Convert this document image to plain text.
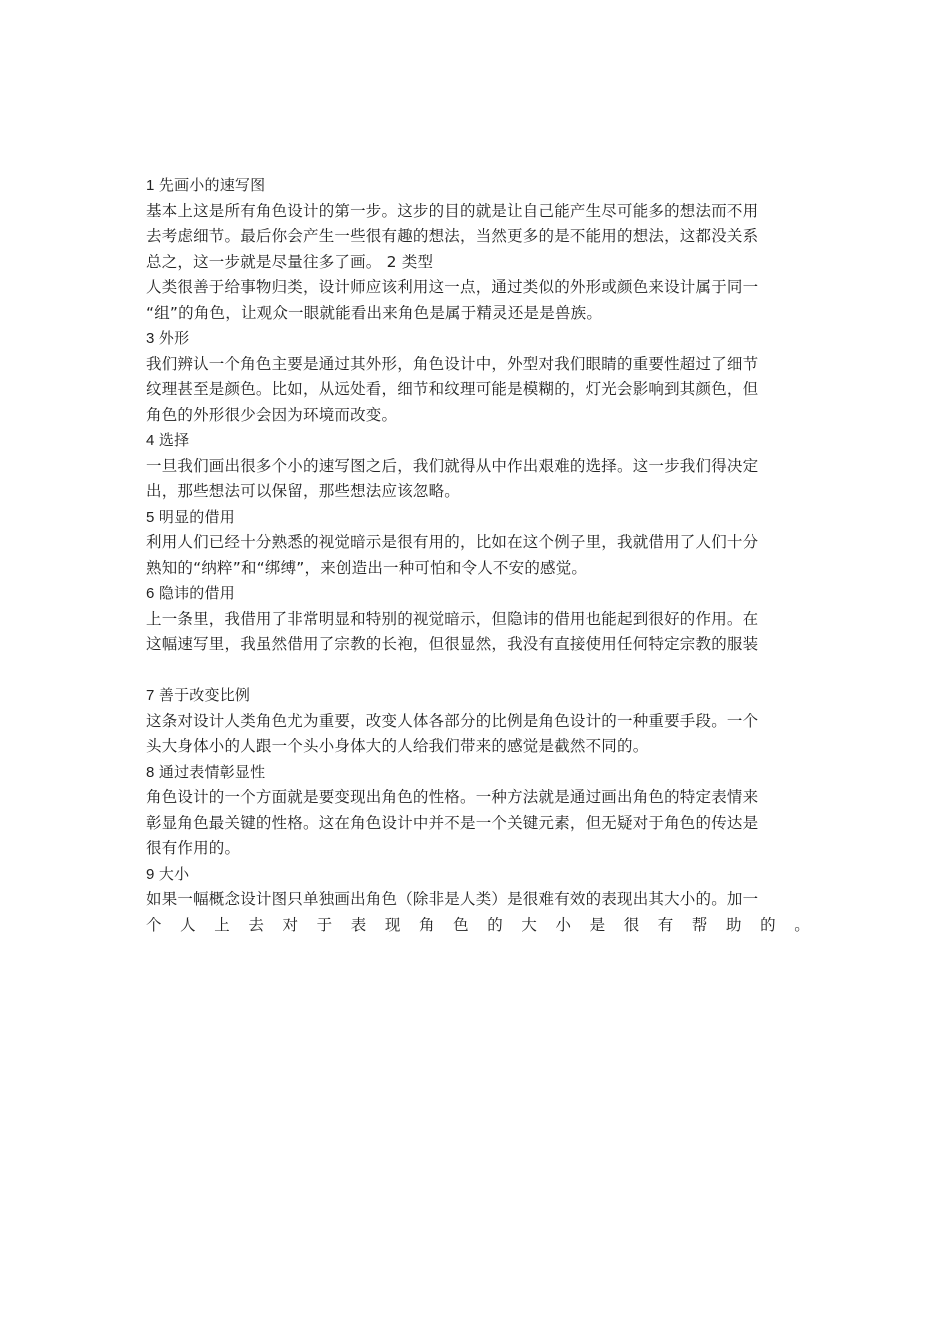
1 先画小的速写图
基本上这是所有角色设计的第一步。这步的目的就是让自己能产生尽可能多的想法而不用
去考虑细节。最后你会产生一些很有趣的想法，当然更多的是不能用的想法，这都没关系
总之，这一步就是尽量往多了画。 2 类型
人类很善于给事物归类，设计师应该利用这一点，通过类似的外形或颜色来设计属于同一
“组”的角色，让观众一眼就能看出来角色是属于精灵还是是兽族。
3 外形
我们辨认一个角色主要是通过其外形，角色设计中，外型对我们眼睛的重要性超过了细节
纹理甚至是颜色。比如，从远处看，细节和纹理可能是模糊的，灯光会影响到其颜色，但
角色的外形很少会因为环境而改变。
4 选择
一旦我们画出很多个小的速写图之后，我们就得从中作出艰难的选择。这一步我们得决定
出，那些想法可以保留，那些想法应该忽略。
5 明显的借用
利用人们已经十分熟悉的视觉暗示是很有用的，比如在这个例子里，我就借用了人们十分
熟知的“纳粹”和“绑缚”，来创造出一种可怕和令人不安的感觉。
6 隐讳的借用
上一条里，我借用了非常明显和特别的视觉暗示，但隐讳的借用也能起到很好的作用。在
这幅速写里，我虽然借用了宗教的长袍，但很显然，我没有直接使用任何特定宗教的服装
7 善于改变比例
这条对设计人类角色尤为重要，改变人体各部分的比例是角色设计的一种重要手段。一个
头大身体小的人跟一个头小身体大的人给我们带来的感觉是截然不同的。
8 通过表情彰显性
角色设计的一个方面就是要变现出角色的性格。一种方法就是通过画出角色的特定表情来
彰显角色最关键的性格。这在角色设计中并不是一个关键元素，但无疑对于角色的传达是
很有作用的。
9 大小
如果一幅概念设计图只单独画出角色（除非是人类）是很难有效的表现出其大小的。加一
个 人 上 去 对 于 表 现 角 色 的 大 小 是 很 有 帮 助 的 。
